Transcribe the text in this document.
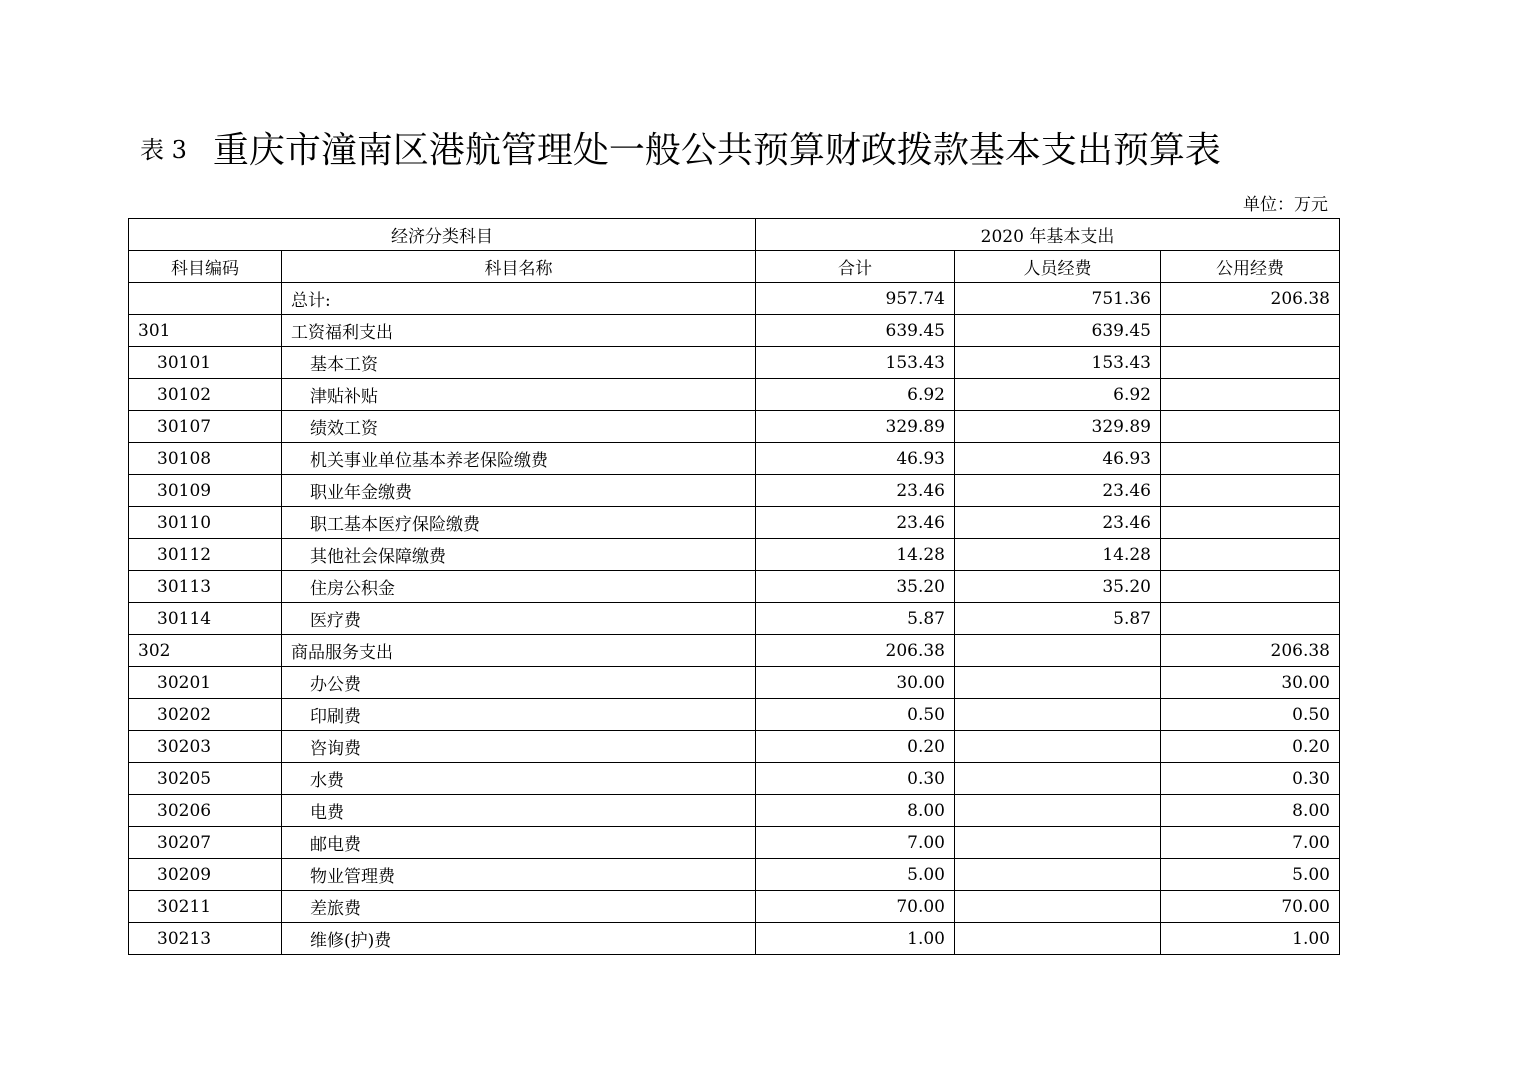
表 3 重庆市潼南区港航管理处一般公共预算财政拨款基本支出预算表
单位：万元
经济分类科目		2020 年基本支出		
科目编码	科目名称	合计	人员经费	公用经费
	总计:	957.74	751.36	206.38
301	工资福利支出	639.45	639.45	
30101	基本工资	153.43	153.43	
30102	津贴补贴	6.92	6.92	
30107	绩效工资	329.89	329.89	
30108	机关事业单位基本养老保险缴费	46.93	46.93	
30109	职业年金缴费	23.46	23.46	
30110	职工基本医疗保险缴费	23.46	23.46	
30112	其他社会保障缴费	14.28	14.28	
30113	住房公积金	35.20	35.20	
30114	医疗费	5.87	5.87	
302	商品服务支出	206.38		206.38
30201	办公费	30.00		30.00
30202	印刷费	0.50		0.50
30203	咨询费	0.20		0.20
30205	水费	0.30		0.30
30206	电费	8.00		8.00
30207	邮电费	7.00		7.00
30209	物业管理费	5.00		5.00
30211	差旅费	70.00		70.00
30213	维修(护)费	1.00		1.00
